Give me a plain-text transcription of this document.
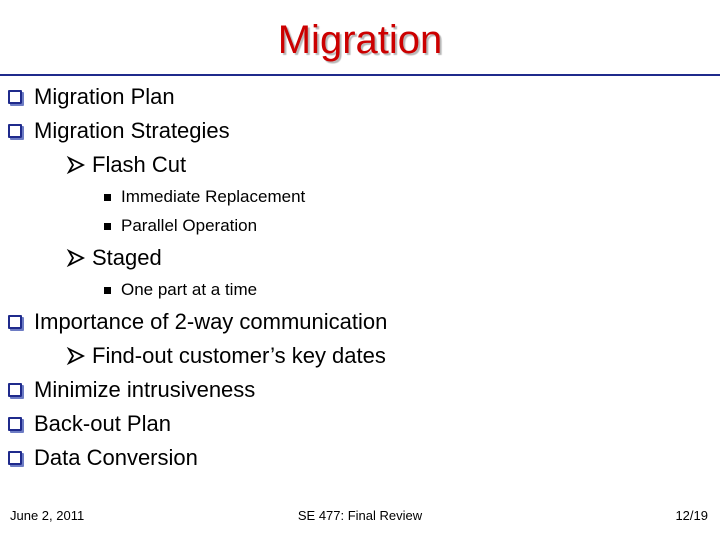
Migration
Migration Plan
Migration Strategies
Flash Cut
Immediate Replacement
Parallel Operation
Staged
One part at a time
Importance of 2-way communication
Find-out customer’s key dates
Minimize intrusiveness
Back-out Plan
Data Conversion
June 2, 2011	SE 477: Final Review	12/19
